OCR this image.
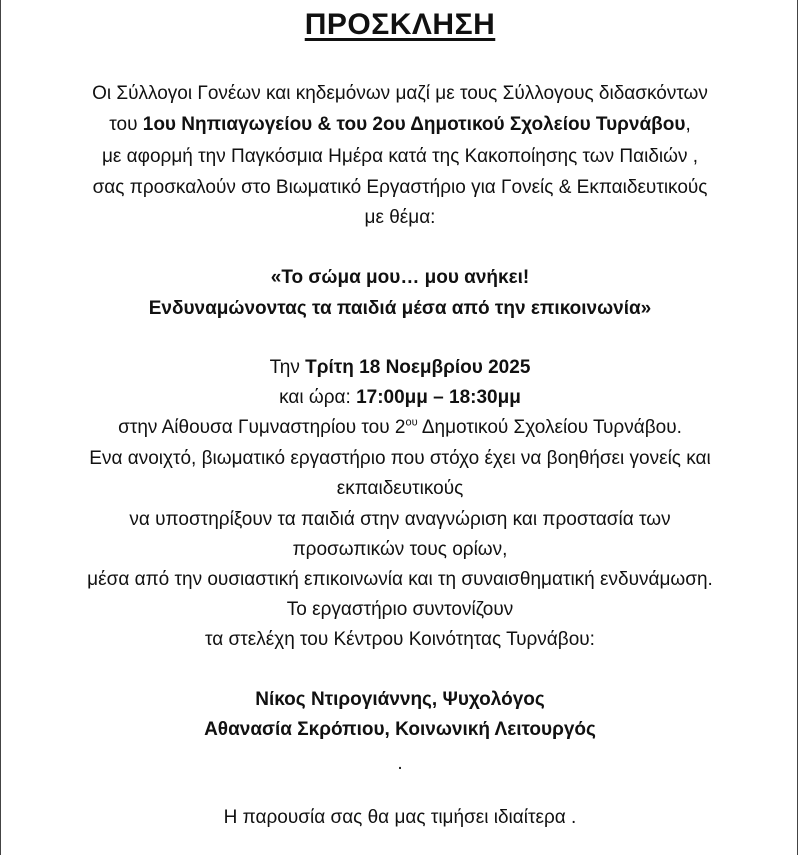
ΠΡΟΣΚΛΗΣΗ
Οι Σύλλογοι Γονέων και κηδεμόνων μαζί με τους Σύλλογους διδασκόντων
του 1ου Νηπιαγωγείου & του 2ου Δημοτικού Σχολείου Τυρνάβου,
με αφορμή την Παγκόσμια Ημέρα κατά της Κακοποίησης των Παιδιών ,
σας προσκαλούν στο Βιωματικό Εργαστήριο για Γονείς & Εκπαιδευτικούς
με θέμα:
«Το σώμα μου… μου ανήκει!
Ενδυναμώνοντας τα παιδιά μέσα από την επικοινωνία»
Την Τρίτη 18 Νοεμβρίου 2025
και ώρα: 17:00μμ – 18:30μμ
στην Αίθουσα Γυμναστηρίου του $2^{o\upsilon}$ Δημοτικού Σχολείου Τυρνάβου.
Ενα ανοιχτό, βιωματικό εργαστήριο που στόχο έχει να βοηθήσει γονείς και
εκπαιδευτικούς
να υποστηρίξουν τα παιδιά στην αναγνώριση και προστασία των
προσωπικών τους ορίων,
μέσα από την ουσιαστική επικοινωνία και τη συναισθηματική ενδυνάμωση.
Το εργαστήριο συντονίζουν
τα στελέχη του Κέντρου Κοινότητας Τυρνάβου:
Νίκος Ντιρογιάννης, Ψυχολόγος
Αθανασία Σκρόπιου, Κοινωνική Λειτουργός
.
Η παρουσία σας θα μας τιμήσει ιδιαίτερα .
